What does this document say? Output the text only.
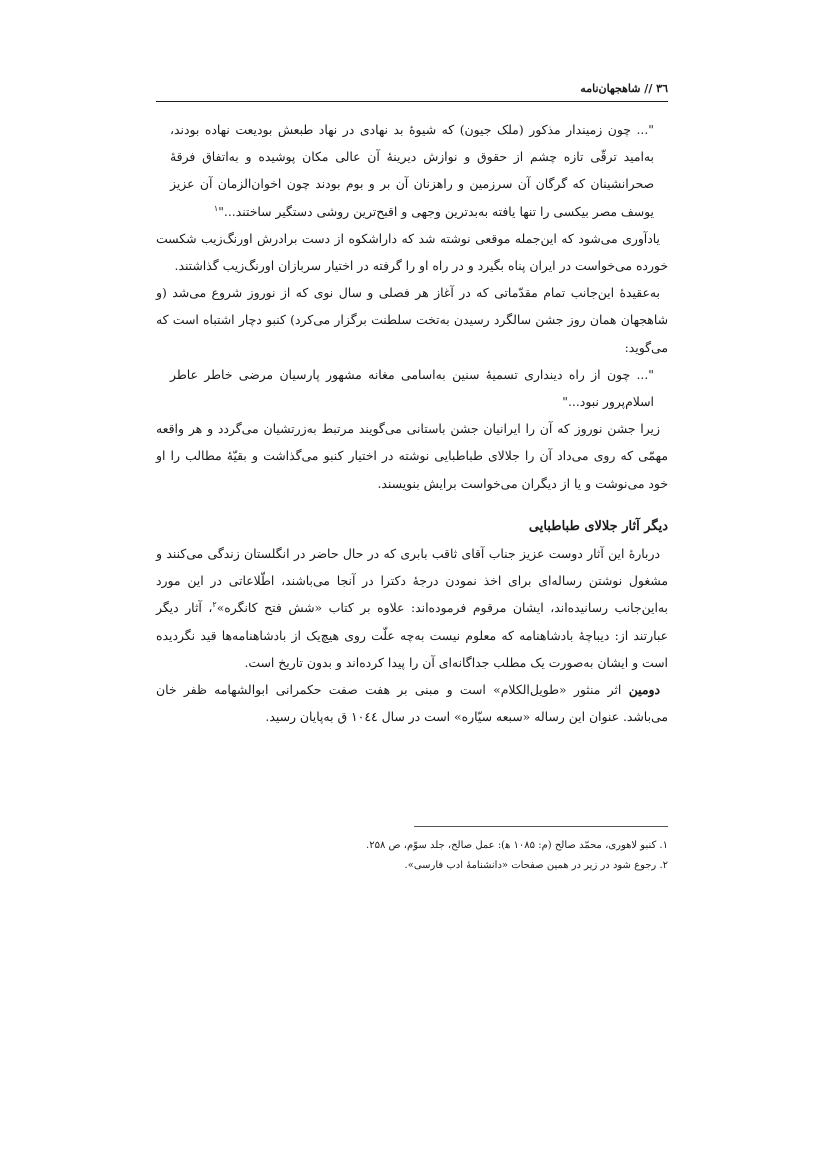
۳٦ // شاهجهان‌نامه

"... چون زمیندار مذکور (ملک جیون) که شیوهٔ بد نهادی در نهاد طبعش بودیعت نهاده بودند، به‌امید ترقّی تازه چشم از حقوق و نوازش دیرینهٔ آن عالی مکان پوشیده و به‌اتفاق فرقهٔ صحرانشینان که گرگان آن سرزمین و راهزنان آن بر و بوم بودند چون اخوان‌الزمان آن عزیز یوسف مصر بیکسی را تنها یافته به‌بدترین وجهی و اقبح‌ترین روشی دستگیر ساختند..."$^۱$

یادآوری می‌شود که این‌جمله موقعی نوشته شد که داراشکوه از دست برادرش اورنگ‌زیب شکست خورده می‌خواست در ایران پناه بگیرد و در راه او را گرفته در اختیار سربازان اورنگ‌زیب گذاشتند.

به‌عقیدهٔ این‌جانب تمام مقدّماتی که در آغاز هر فصلی و سال نوی که از نوروز شروع می‌شد (و شاهجهان همان روز جشن سالگرد رسیدن به‌تخت سلطنت برگزار می‌کرد) کنبو دچار اشتباه است که می‌گوید:

"... چون از راه دینداری تسمیهٔ سنین به‌اسامی مغانه مشهور پارسیان مرضی خاطر عاطر اسلام‌پرور نبود..."

زیرا جشن نوروز که آن را ایرانیان جشن باستانی می‌گویند مرتبط به‌زرتشیان می‌گردد و هر واقعه مهمّی که روی می‌داد آن را جلالای طباطبایی نوشته در اختیار کنبو می‌گذاشت و بقیّهٔ مطالب را او خود می‌نوشت و یا از دیگران می‌خواست برایش بنویسند.

دیگر آثار جلالای طباطبایی

دربارهٔ این آثار دوست عزیز جناب آقای ثاقب بابری که در حال حاضر در انگلستان زندگی می‌کنند و مشغول نوشتن رساله‌ای برای اخذ نمودن درجهٔ دکترا در آنجا می‌باشند، اطّلاعاتی در این مورد به‌این‌جانب رسانیده‌اند، ایشان مرقوم فرموده‌اند: علاوه بر کتاب «شش فتح کانگره»$^۲$، آثار دیگر عبارتند از: دیباچهٔ بادشاهنامه که معلوم نیست به‌چه علّت روی هیچ‌یک از بادشاهنامه‌ها قید نگردیده است و ایشان به‌صورت یک مطلب جداگانه‌ای آن را پیدا کرده‌اند و بدون تاریخ است.

دومین اثر منثور «طویل‌الکلام» است و مبنی بر هفت صفت حکمرانی ابوالشهامه ظفر خان می‌باشد. عنوان این رساله «سبعه سیّاره» است در سال ۱۰٤٤ ق به‌پایان رسید.

۱. کنبو لاهوری، محمّد صالح (م: ۱۰۸۵ ﻫ): عمل صالح، جلد سوّم، ص ۲۵۸.

۲. رجوع شود در زیر در همین صفحات «دانشنامهٔ ادب فارسی».
